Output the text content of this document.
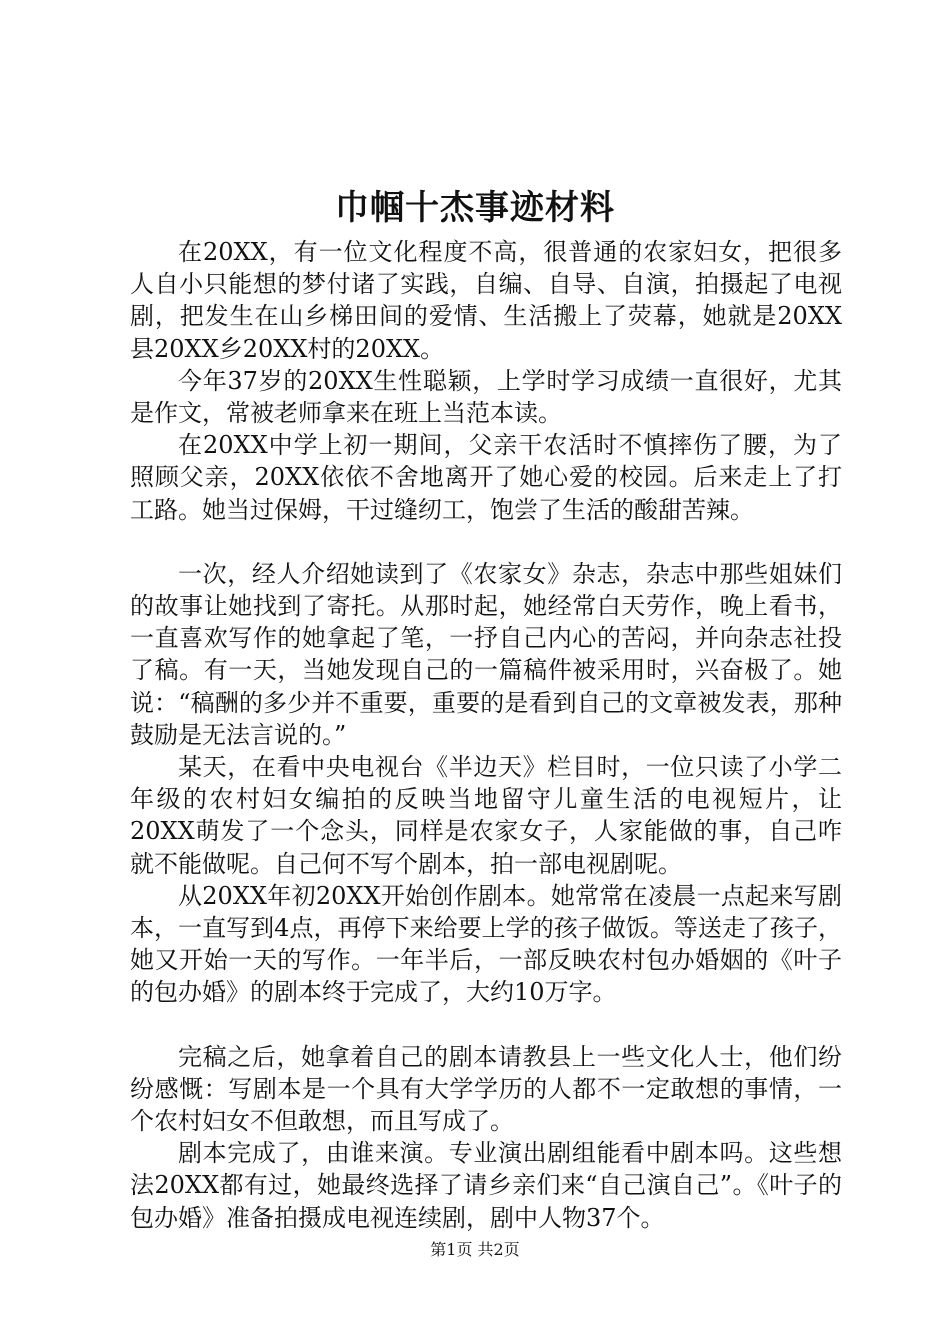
巾帼十杰事迹材料

在20XX，有一位文化程度不高，很普通的农家妇女，把很多人自小只能想的梦付诸了实践，自编、自导、自演，拍摄起了电视剧，把发生在山乡梯田间的爱情、生活搬上了荧幕，她就是20XX县20XX乡20XX村的20XX。

今年37岁的20XX生性聪颖，上学时学习成绩一直很好，尤其是作文，常被老师拿来在班上当范本读。

在20XX中学上初一期间，父亲干农活时不慎摔伤了腰，为了照顾父亲，20XX依依不舍地离开了她心爱的校园。后来走上了打工路。她当过保姆，干过缝纫工，饱尝了生活的酸甜苦辣。

一次，经人介绍她读到了《农家女》杂志，杂志中那些姐妹们的故事让她找到了寄托。从那时起，她经常白天劳作，晚上看书，一直喜欢写作的她拿起了笔，一抒自己内心的苦闷，并向杂志社投了稿。有一天，当她发现自己的一篇稿件被采用时，兴奋极了。她说：“稿酬的多少并不重要，重要的是看到自己的文章被发表，那种鼓励是无法言说的。”

某天，在看中央电视台《半边天》栏目时，一位只读了小学二年级的农村妇女编拍的反映当地留守儿童生活的电视短片，让20XX萌发了一个念头，同样是农家女子，人家能做的事，自己咋就不能做呢。自己何不写个剧本，拍一部电视剧呢。

从20XX年初20XX开始创作剧本。她常常在凌晨一点起来写剧本，一直写到4点，再停下来给要上学的孩子做饭。等送走了孩子，她又开始一天的写作。一年半后，一部反映农村包办婚姻的《叶子的包办婚》的剧本终于完成了，大约10万字。

完稿之后，她拿着自己的剧本请教县上一些文化人士，他们纷纷感慨：写剧本是一个具有大学学历的人都不一定敢想的事情，一个农村妇女不但敢想，而且写成了。

剧本完成了，由谁来演。专业演出剧组能看中剧本吗。这些想法20XX都有过，她最终选择了请乡亲们来“自己演自己”。《叶子的包办婚》准备拍摄成电视连续剧，剧中人物37个。

第1页 共2页
